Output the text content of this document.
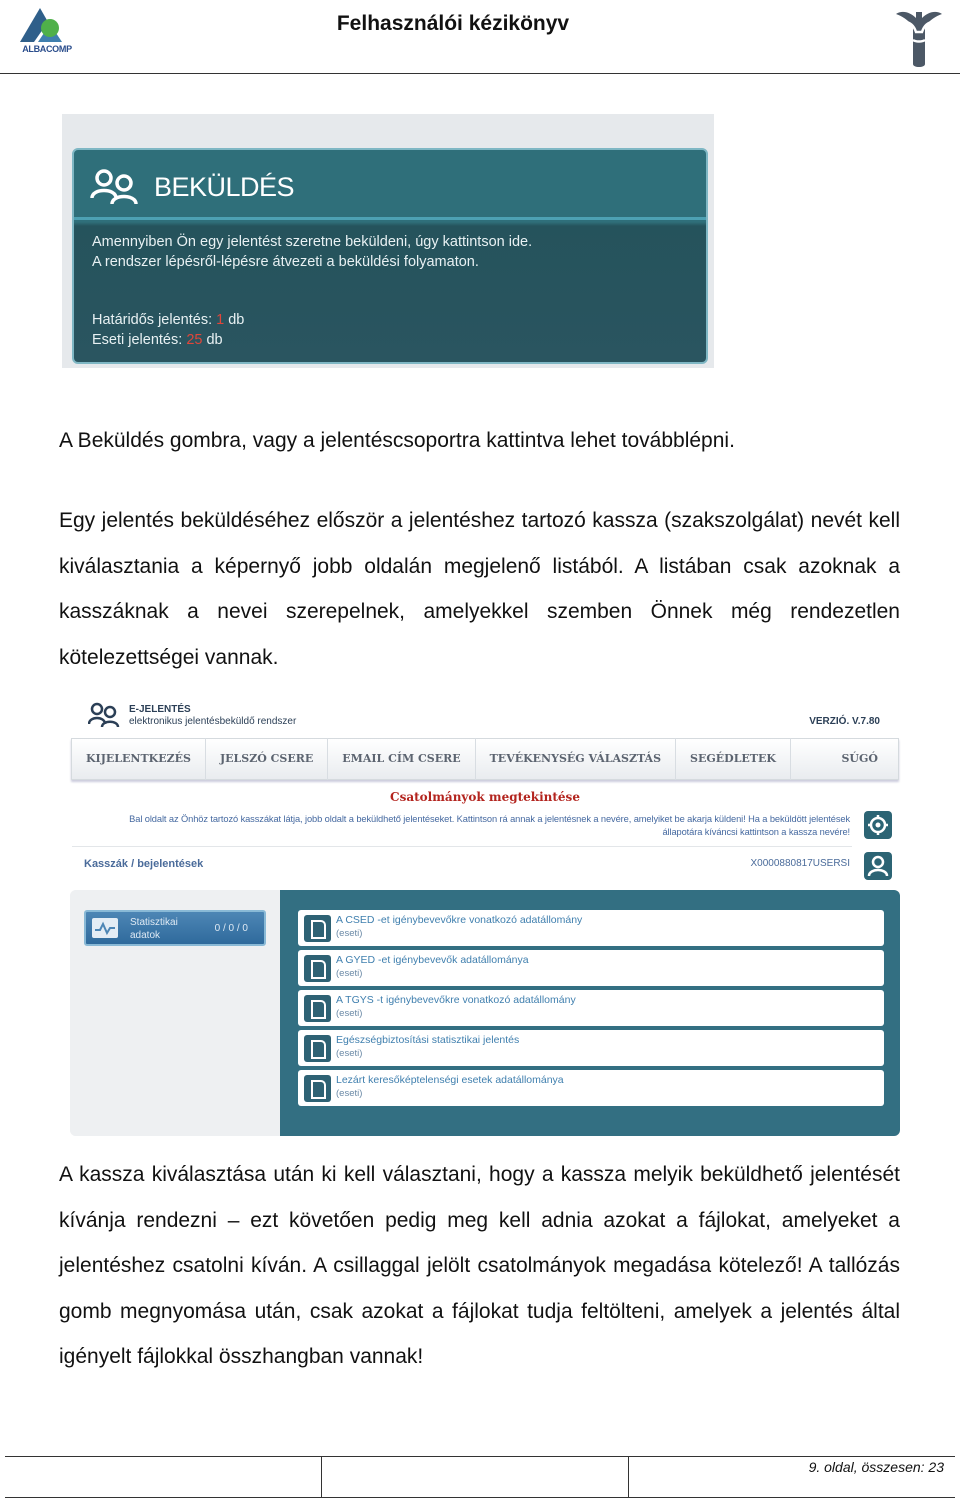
ALBACOMP
Felhasználói kézikönyv
BEKÜLDÉS
Amennyiben Ön egy jelentést szeretne beküldeni, úgy kattintson ide.
A rendszer lépésről-lépésre átvezeti a beküldési folyamaton.
Határidős jelentés: 1 db
Eseti jelentés: 25 db
A Beküldés gombra, vagy a jelentéscsoportra kattintva lehet továbblépni.
Egy jelentés beküldéséhez először a jelentéshez tartozó kassza (szakszolgálat) nevét kell kiválasztania a képernyő jobb oldalán megjelenő listából. A listában csak azoknak a kasszáknak a nevei szerepelnek, amelyekkel szemben Önnek még rendezetlen kötelezettségei vannak.
E-JELENTÉS
elektronikus jelentésbeküldő rendszer	VERZIÓ. V.7.80
KIJELENTKEZÉS	JELSZÓ CSERE	EMAIL CÍM CSERE	TEVÉKENYSÉG VÁLASZTÁS	SEGÉDLETEK	SÚGÓ
Csatolmányok megtekintése
Bal oldalt az Önhöz tartozó kasszákat látja, jobb oldalt a beküldhető jelentéseket. Kattintson rá annak a jelentésnek a nevére, amelyiket be akarja küldeni! Ha a beküldött jelentések
állapotára kíváncsi kattintson a kassza nevére!
Kasszák / bejelentések	X0000880817USERSI
Statisztikai
adatok
0 / 0 / 0
A CSED -et igénybevevőkre vonatkozó adatállomány
(eseti)
A GYED -et igénybevevők adatállománya
(eseti)
A TGYS -t igénybevevőkre vonatkozó adatállomány
(eseti)
Egészségbiztosítási statisztikai jelentés
(eseti)
Lezárt keresőképtelenségi esetek adatállománya
(eseti)
A kassza kiválasztása után ki kell választani, hogy a kassza melyik beküldhető jelentését kívánja rendezni – ezt követően pedig meg kell adnia azokat a fájlokat, amelyeket a jelentéshez csatolni kíván. A csillaggal jelölt csatolmányok megadása kötelező! A tallózás gomb megnyomása után, csak azokat a fájlokat tudja feltölteni, amelyek a jelentés által igényelt fájlokkal összhangban vannak!
9. oldal, összesen: 23
